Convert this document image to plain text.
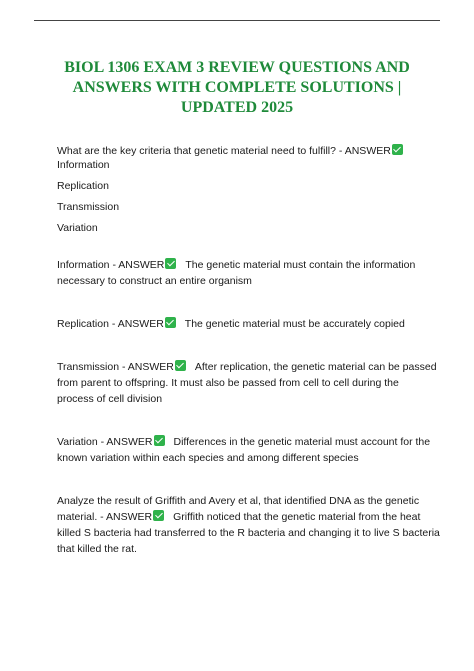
BIOL 1306 EXAM 3 REVIEW QUESTIONS AND
ANSWERS WITH COMPLETE SOLUTIONS |
UPDATED 2025
What are the key criteria that genetic material need to fulfill? - ANSWER
Information
Replication
Transmission
Variation
Information - ANSWER The genetic material must contain the information
necessary to construct an entire organism
Replication - ANSWER The genetic material must be accurately copied
Transmission - ANSWER After replication, the genetic material can be passed
from parent to offspring. It must also be passed from cell to cell during the
process of cell division
Variation - ANSWER Differences in the genetic material must account for the
known variation within each species and among different species
Analyze the result of Griffith and Avery et al, that identified DNA as the genetic
material. - ANSWER Griffith noticed that the genetic material from the heat
killed S bacteria had transferred to the R bacteria and changing it to live S bacteria
that killed the rat.
